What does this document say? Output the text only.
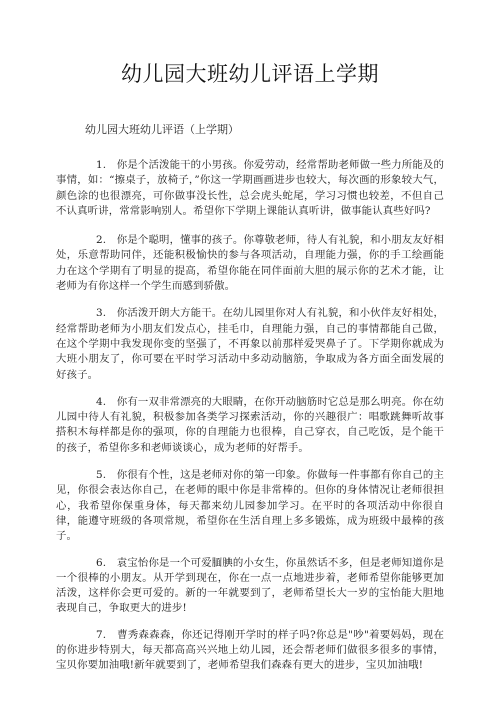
幼儿园大班幼儿评语上学期
幼儿园大班幼儿评语（上学期）

1.　你是个活泼能干的小男孩。你爱劳动，经常帮助老师做一些力所能及的事情，如：“擦桌子，放椅子，”你这一学期画画进步也较大，每次画的形象较大气，颜色涂的也很漂亮，可你做事没长性，总会虎头蛇尾，学习习惯也较差，不但自己不认真听讲，常常影响别人。希望你下学期上课能认真听讲，做事能认真些好吗?

2.　你是个聪明，懂事的孩子。你尊敬老师，待人有礼貌，和小朋友友好相处，乐意帮助同伴，还能积极愉快的参与各项活动，自理能力强，你的手工绘画能力在这个学期有了明显的提高，希望你能在同伴面前大胆的展示你的艺术才能，让老师为有你这样一个学生而感到骄傲。

3.　你活泼开朗大方能干。在幼儿园里你对人有礼貌，和小伙伴友好相处，经常帮助老师为小朋友们发点心，挂毛巾，自理能力强，自己的事情都能自己做，在这个学期中我发现你变的坚强了，不再象以前那样爱哭鼻子了。下学期你就成为大班小朋友了，你可要在平时学习活动中多动动脑筋，争取成为各方面全面发展的好孩子。

4.　你有一双非常漂亮的大眼睛，在你开动脑筋时它总是那么明亮。你在幼儿园中待人有礼貌，积极参加各类学习探索活动，你的兴趣很广：唱歌跳舞听故事搭积木每样都是你的强项，你的自理能力也很棒，自己穿衣，自己吃饭，是个能干的孩子，希望你多和老师谈谈心，成为老师的好帮手。

5.　你很有个性，这是老师对你的第一印象。你做每一件事都有你自己的主见，你很会表达你自己，在老师的眼中你是非常棒的。但你的身体情况让老师很担心，我希望你保重身体，每天都来幼儿园参加学习。在平时的各项活动中你很自律，能遵守班级的各项常规，希望你在生活自理上多多锻炼，成为班级中最棒的孩子。

6.　袁宝怡你是一个可爱腼腆的小女生，你虽然话不多，但是老师知道你是一个很棒的小朋友。从开学到现在，你在一点一点地进步着，老师希望你能够更加活泼，这样你会更可爱的。新的一年就要到了，老师希望长大一岁的宝怡能大胆地表现自己，争取更大的进步!

7.　曹秀森森森，你还记得刚开学时的样子吗?你总是"吵"着要妈妈，现在的你进步特别大，每天都高高兴兴地上幼儿园，还会帮老师们做很多很多的事情，宝贝你要加油哦!新年就要到了，老师希望我们森森有更大的进步，宝贝加油哦!
